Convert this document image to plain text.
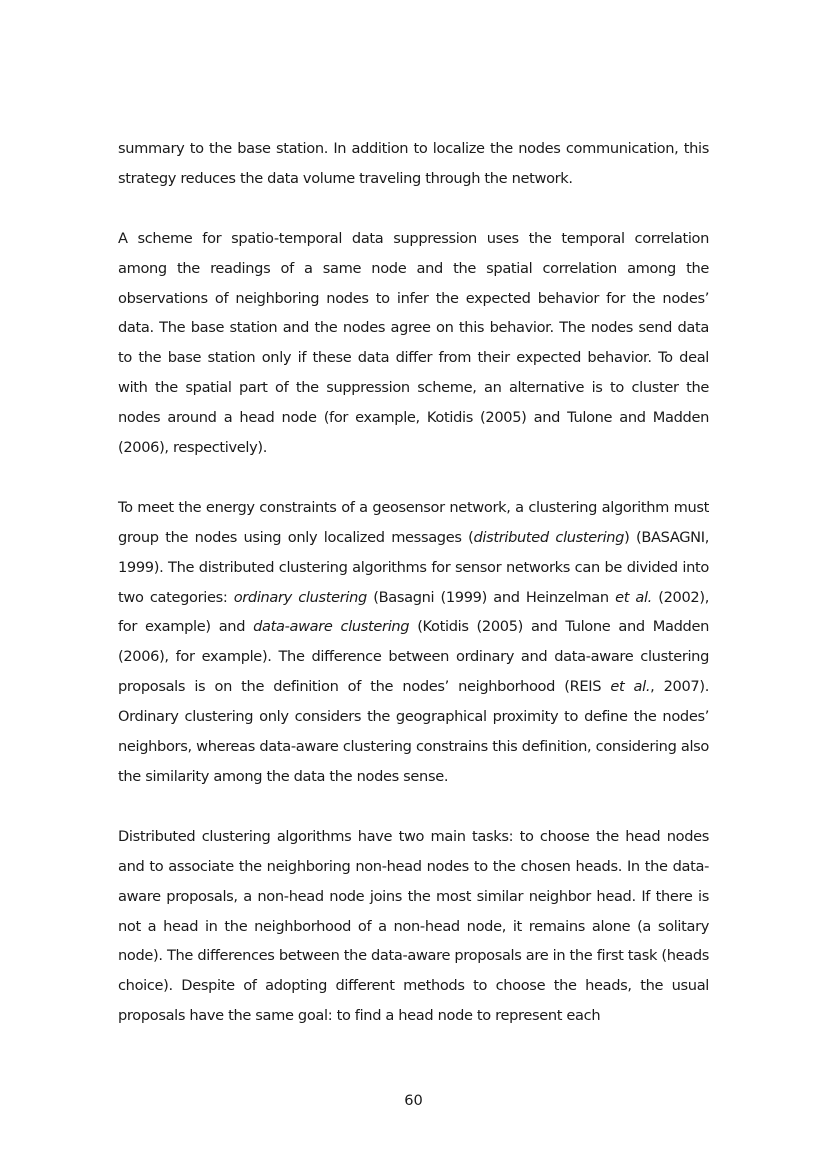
summary to the base station. In addition to localize the nodes communication, this strategy reduces the data volume traveling through the network.

A scheme for spatio-temporal data suppression uses the temporal correlation among the readings of a same node and the spatial correlation among the observations of neighboring nodes to infer the expected behavior for the nodes’ data. The base station and the nodes agree on this behavior. The nodes send data to the base station only if these data differ from their expected behavior. To deal with the spatial part of the suppression scheme, an alternative is to cluster the nodes around a head node (for example, Kotidis (2005) and Tulone and Madden (2006), respectively).

To meet the energy constraints of a geosensor network, a clustering algorithm must group the nodes using only localized messages (distributed clustering) (BASAGNI, 1999). The distributed clustering algorithms for sensor networks can be divided into two categories: ordinary clustering (Basagni (1999) and Heinzelman et al. (2002), for example) and data-aware clustering (Kotidis (2005) and Tulone and Madden (2006), for example). The difference between ordinary and data-aware clustering proposals is on the definition of the nodes’ neighborhood (REIS et al., 2007). Ordinary clustering only considers the geographical proximity to define the nodes’ neighbors, whereas data-aware clustering constrains this definition, considering also the similarity among the data the nodes sense.

Distributed clustering algorithms have two main tasks: to choose the head nodes and to associate the neighboring non-head nodes to the chosen heads. In the data-aware proposals, a non-head node joins the most similar neighbor head. If there is not a head in the neighborhood of a non-head node, it remains alone (a solitary node). The differences between the data-aware proposals are in the first task (heads choice). Despite of adopting different methods to choose the heads, the usual proposals have the same goal: to find a head node to represent each

60
